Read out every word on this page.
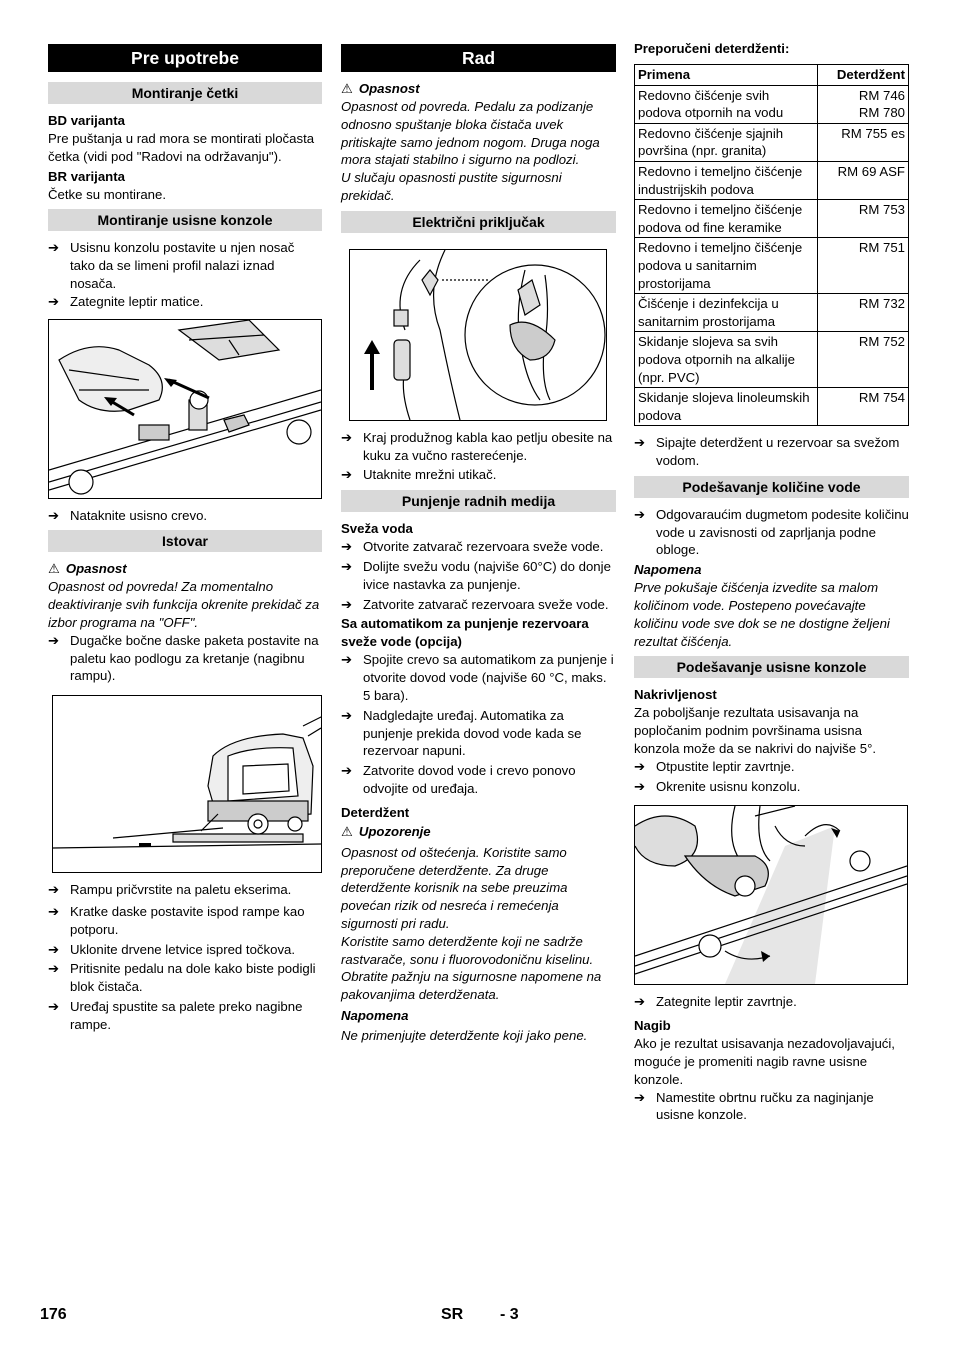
Pre upotrebe
Montiranje četki
BD varijanta

Pre puštanja u rad mora se montirati pločasta četka (vidi pod "Radovi na održavanju").

BR varijanta

Četke su montirane.

Montiranje usisne konzole
➔ Usisnu konzolu postavite u njen nosač tako da se limeni profil nalazi iznad nosača.
➔ Zategnite leptir matice.
➔ Nataknite usisno crevo.
Istovar
⚠ Opasnost

Opasnost od povreda! Za momentalno deaktiviranje svih funkcija okrenite prekidač za izbor programa na "OFF".

➔ Dugačke bočne daske paketa postavite na paletu kao podlogu za kretanje (nagibnu rampu).
➔ Rampu pričvrstite na paletu ekserima.
➔ Kratke daske postavite ispod rampe kao potporu.
➔ Uklonite drvene letvice ispred točkova.
➔ Pritisnite pedalu na dole kako biste podigli blok čistača.
➔ Uređaj spustite sa palete preko nagibne rampe.
Rad
⚠ Opasnost

Opasnost od povreda. Pedalu za podizanje odnosno spuštanje bloka čistača uvek pritiskajte samo jednom nogom. Druga noga mora stajati stabilno i sigurno na podlozi.

U slučaju opasnosti pustite sigurnosni prekidač.

Električni priključak
➔ Kraj produžnog kabla kao petlju obesite na kuku za vučno rasterećenje.
➔ Utaknite mrežni utikač.
Punjenje radnih medija
Sveža voda
➔ Otvorite zatvarač rezervoara sveže vode.
➔ Dolijte svežu vodu (najviše 60°C) do donje ivice nastavka za punjenje.
➔ Zatvorite zatvarač rezervoara sveže vode.
Sa automatikom za punjenje rezervoara sveže vode (opcija)
➔ Spojite crevo sa automatikom za punjenje i otvorite dovod vode (najviše 60 °C, maks. 5 bara).
➔ Nadgledajte uređaj. Automatika za punjenje prekida dovod vode kada se rezervoar napuni.
➔ Zatvorite dovod vode i crevo ponovo odvojite od uređaja.
Deterdžent
⚠ Upozorenje

Opasnost od oštećenja. Koristite samo preporučene deterdžente. Za druge deterdžente korisnik na sebe preuzima povećan rizik od nesreća i remećenja sigurnosti pri radu.

Koristite samo deterdžente koji ne sadrže rastvarače, sonu i fluorovodoničnu kiselinu. Obratite pažnju na sigurnosne napomene na pakovanjima deterdženata.

Napomena

Ne primenjujte deterdžente koji jako pene.

Preporučeni deterdženti:
Primena	Deterdžent
Redovno čišćenje svih podova otpornih na vodu	RM 746
RM 780
Redovno čišćenje sjajnih površina (npr. granita)	RM 755 es
Redovno i temeljno čišćenje industrijskih podova	RM 69 ASF
Redovno i temeljno čišćenje podova od fine keramike	RM 753
Redovno i temeljno čišćenje podova u sanitarnim prostorijama	RM 751
Čišćenje i dezinfekcija u sanitarnim prostorijama	RM 732
Skidanje slojeva sa svih podova otpornih na alkalije (npr. PVC)	RM 752
Skidanje slojeva linoleumskih podova	RM 754
➔ Sipajte deterdžent u rezervoar sa svežom vodom.
Podešavanje količine vode
➔ Odgovaraućim dugmetom podesite količinu vode u zavisnosti od zaprljanja podne obloge.
Napomena

Prve pokušaje čišćenja izvedite sa malom količinom vode. Postepeno povećavajte količinu vode sve dok se ne dostigne željeni rezultat čišćenja.

Podešavanje usisne konzole
Nakrivljenost

Za poboljšanje rezultata usisavanja na popločanim podnim površinama usisna konzola može da se nakrivi do najviše 5°.

➔ Otpustite leptir zavrtnje.
➔ Okrenite usisnu konzolu.
➔ Zategnite leptir zavrtnje.
Nagib

Ako je rezultat usisavanja nezadovoljavajući, moguće je promeniti nagib ravne usisne konzole.

➔ Namestite obrtnu ručku za naginjanje usisne konzole.
176	SR - 3
